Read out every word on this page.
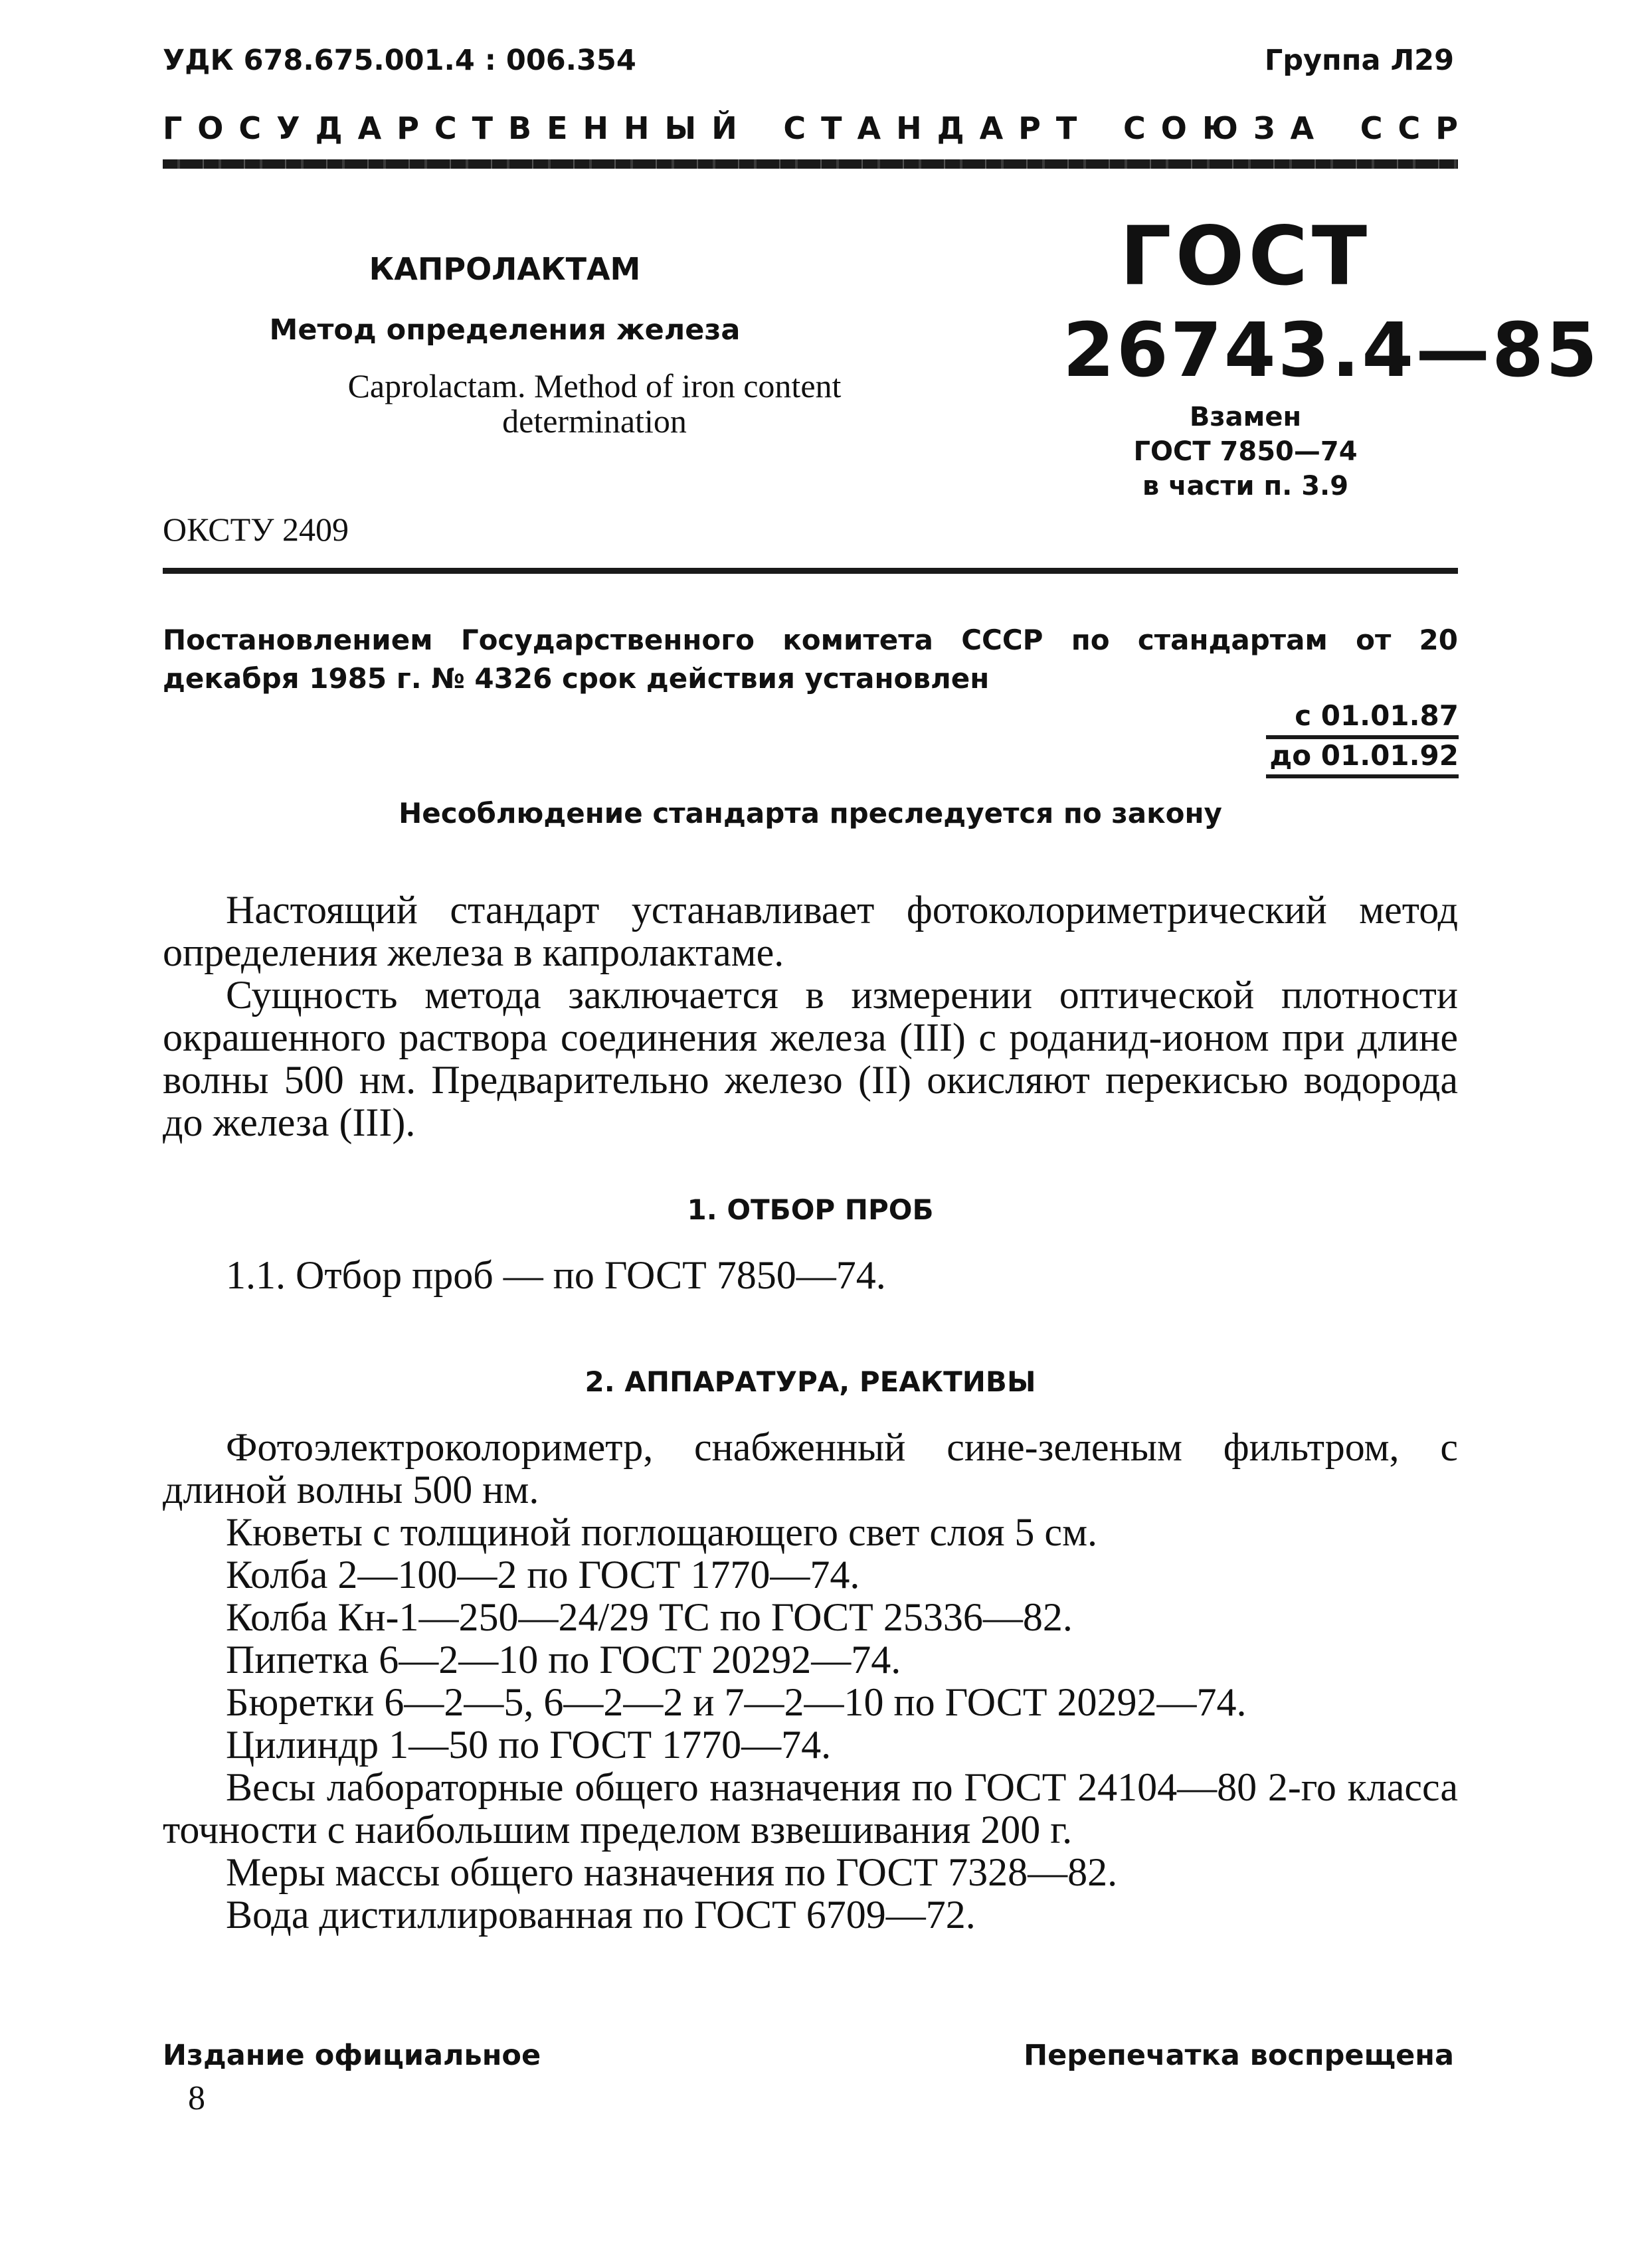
УДК 678.675.001.4 : 006.354	Группа Л29
ГОСУДАРСТВЕННЫЙ СТАНДАРТ СОЮЗА ССР
КАПРОЛАКТАМ
Метод определения железа
Caprolactam. Method of iron content determination
ОКСТУ 2409
ГОСТ
26743.4—85
Взамен
ГОСТ 7850—74
в части п. 3.9
Постановлением Государственного комитета СССР по стандартам от 20 декабря 1985 г. № 4326 срок действия установлен
с 01.01.87
до 01.01.92
Несоблюдение стандарта преследуется по закону

Настоящий стандарт устанавливает фотоколориметрический метод определения железа в капролактаме.

Сущность метода заключается в измерении оптической плотности окрашенного раствора соединения железа (III) с роданид-ионом при длине волны 500 нм. Предварительно железо (II) окисляют перекисью водорода до железа (III).

1. ОТБОР ПРОБ

1.1. Отбор проб — по ГОСТ 7850—74.

2. АППАРАТУРА, РЕАКТИВЫ

Фотоэлектроколориметр, снабженный сине-зеленым фильтром, с длиной волны 500 нм.

Кюветы с толщиной поглощающего свет слоя 5 см.

Колба 2—100—2 по ГОСТ 1770—74.

Колба Кн-1—250—24/29 ТС по ГОСТ 25336—82.

Пипетка 6—2—10 по ГОСТ 20292—74.

Бюретки 6—2—5, 6—2—2 и 7—2—10 по ГОСТ 20292—74.

Цилиндр 1—50 по ГОСТ 1770—74.

Весы лабораторные общего назначения по ГОСТ 24104—80 2-го класса точности с наибольшим пределом взвешивания 200 г.

Меры массы общего назначения по ГОСТ 7328—82.

Вода дистиллированная по ГОСТ 6709—72.

Издание официальное	Перепечатка воспрещена
8
